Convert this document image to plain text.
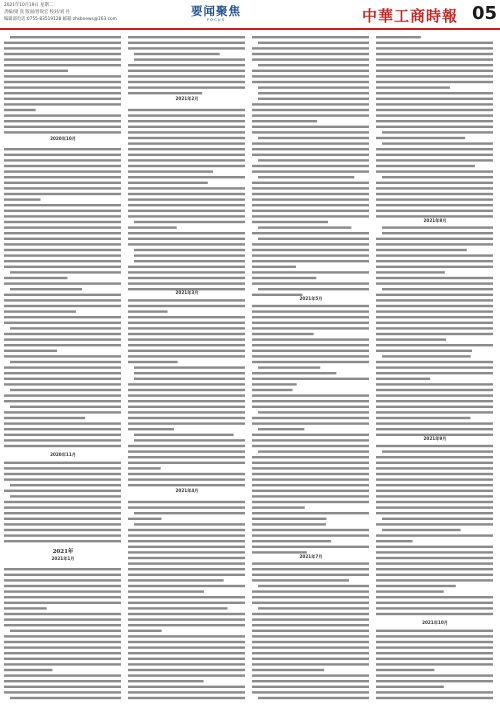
2021年10月19日 星期二
责编/梁 真 版面/曾锐宏 校对/刘 丹
编辑部电话:0755-83519128 邮箱:zhsbnews@163.com
要闻聚焦
FOCUS	中華工商時報 05
2020年10月
2020年11月
2021年
2021年1月
2021年2月
2021年3月
2021年4月
2021年5月
2021年7月
2021年8月
2021年9月
2021年10月
